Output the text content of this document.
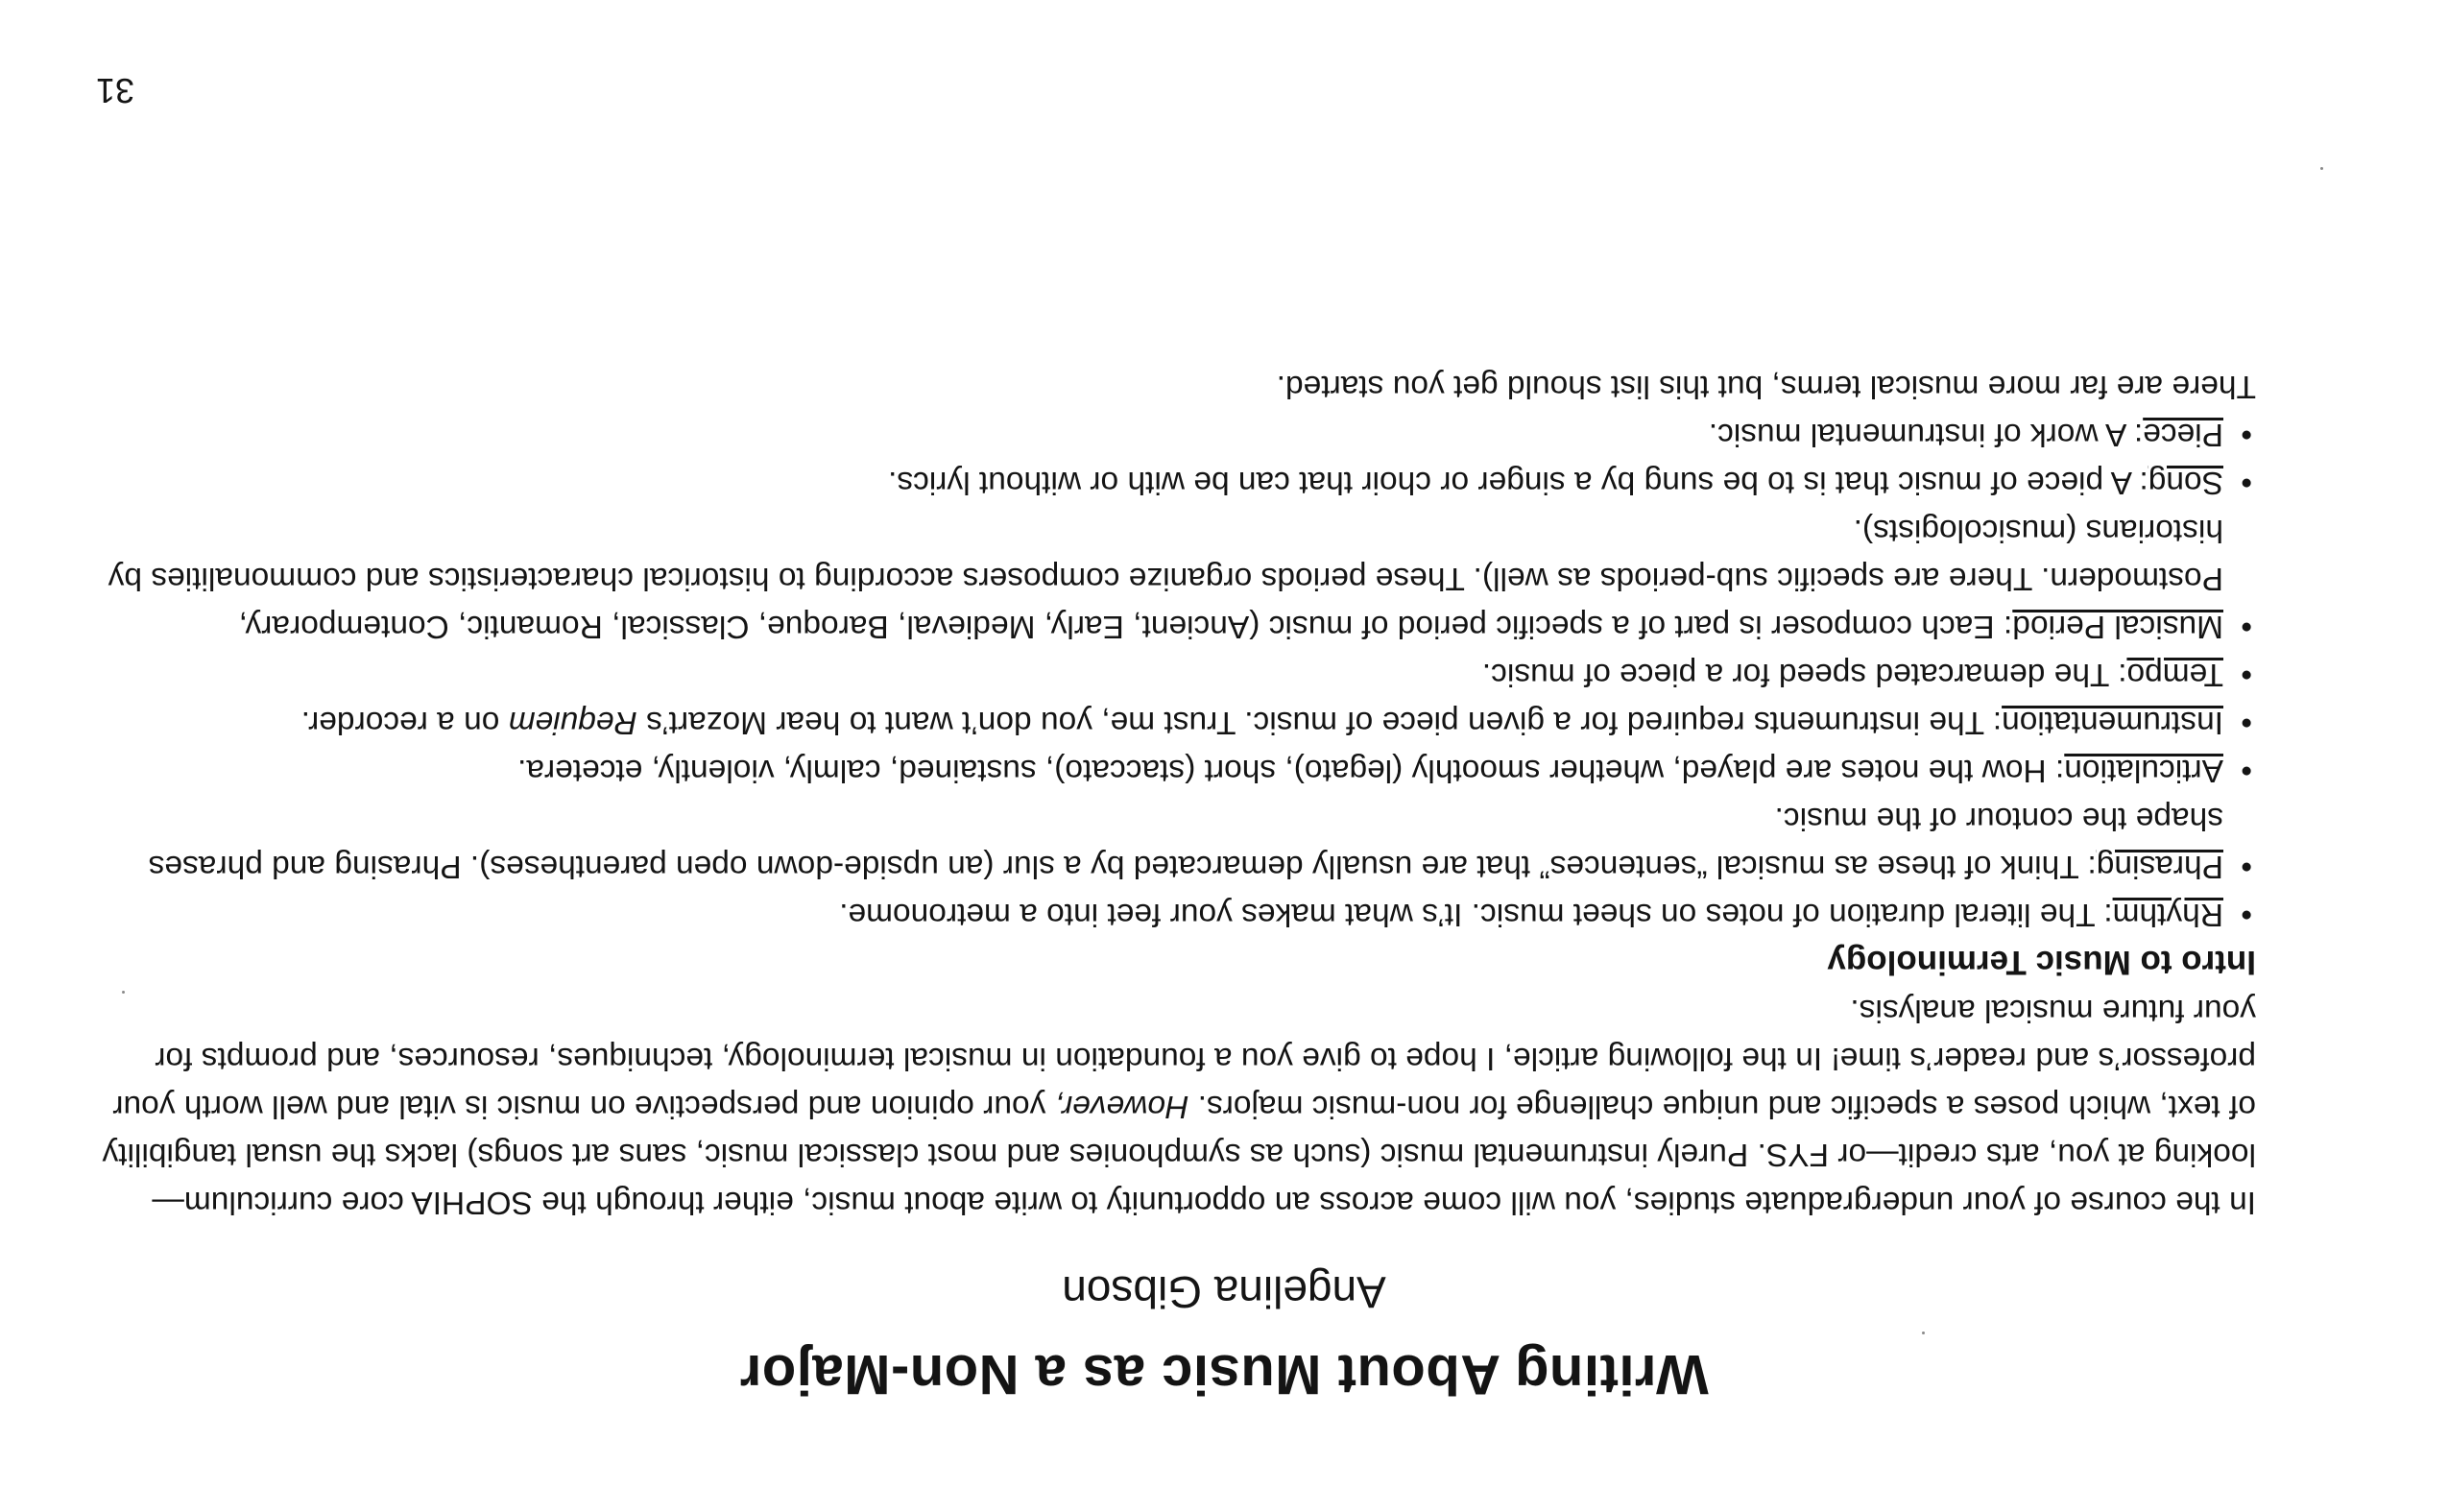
Writing About Music as a Non-Major

Angelina Gibson

In the course of your undergraduate studies, you will come across an opportunity to write about music, either through the SOPHIA core curriculum—looking at you, arts credit—or FYS. Purely instrumental music (such as symphonies and most classical music, sans art songs) lacks the usual tangibility of text, which poses a specific and unique challenge for non-music majors. However, your opinion and perspective on music is vital and well worth your professor’s and reader’s time! In the following article, I hope to give you a foundation in musical terminology, techniques, resources, and prompts for your future musical analysis.

Intro to Music Terminology
• Rhythm: The literal duration of notes on sheet music. It’s what makes your feet into a metronome.
• Phrasing: Think of these as musical “sentences” that are usually demarcated by a slur (an upside-down open parentheses). Phrasing and phrases shape the contour of the music.
• Articulation: How the notes are played, whether smoothly (legato), short (staccato), sustained, calmly, violently, etcetera.
• Instrumentation: The instruments required for a given piece of music. Trust me, you don’t want to hear Mozart’s Requiem on a recorder.
• Tempo: The demarcated speed for a piece of music.
• Musical Period: Each composer is part of a specific period of music (Ancient, Early, Medieval, Baroque, Classical, Romantic, Contemporary, Postmodern. There are specific sub-periods as well). These periods organize composers according to historical characteristics and commonalities by historians (musicologists).
• Song: A piece of music that is to be sung by a singer or choir that can be with or without lyrics.
• Piece: A work of instrumental music.

There are far more musical terms, but this list should get you started.

31
